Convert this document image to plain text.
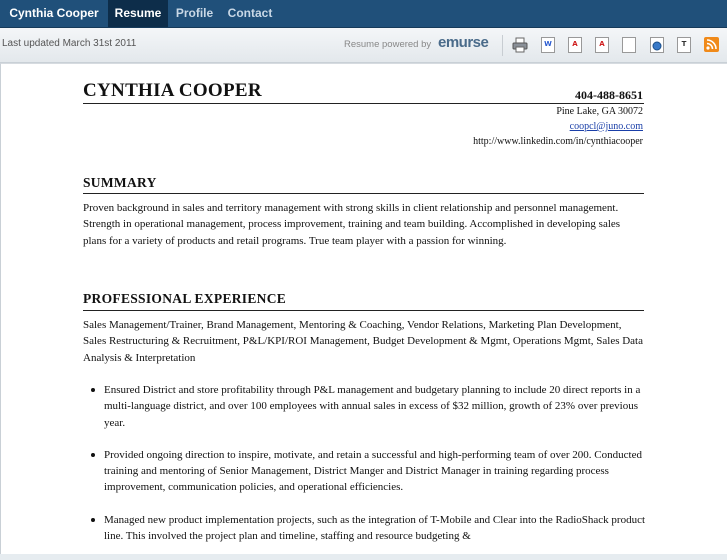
Cynthia Cooper	Resume	Profile	Contact
Last updated March 31st 2011	Resume powered by emurse	W	A	A	T
CYNTHIA COOPER	404-488-8651
Pine Lake, GA 30072
coopcl@juno.com
http://www.linkedin.com/in/cynthiacooper
SUMMARY
Proven background in sales and territory management with strong skills in client relationship and personnel management. Strength in operational management, process improvement, training and team building. Accomplished in developing sales plans for a variety of products and retail programs. True team player with a passion for winning.
PROFESSIONAL EXPERIENCE
Sales Management/Trainer, Brand Management, Mentoring & Coaching, Vendor Relations, Marketing Plan Development, Sales Restructuring & Recruitment, P&L/KPI/ROI Management, Budget Development & Mgmt, Operations Mgmt, Sales Data Analysis & Interpretation
Ensured District and store profitability through P&L management and budgetary planning to include 20 direct reports in a multi-language district, and over 100 employees with annual sales in excess of $32 million, growth of 23% over previous year.
Provided ongoing direction to inspire, motivate, and retain a successful and high-performing team of over 200. Conducted training and mentoring of Senior Management, District Manger and District Manager in training regarding process improvement, communication policies, and operational efficiencies.
Managed new product implementation projects, such as the integration of T-Mobile and Clear into the RadioShack product line. This involved the project plan and timeline, staffing and resource budgeting &
